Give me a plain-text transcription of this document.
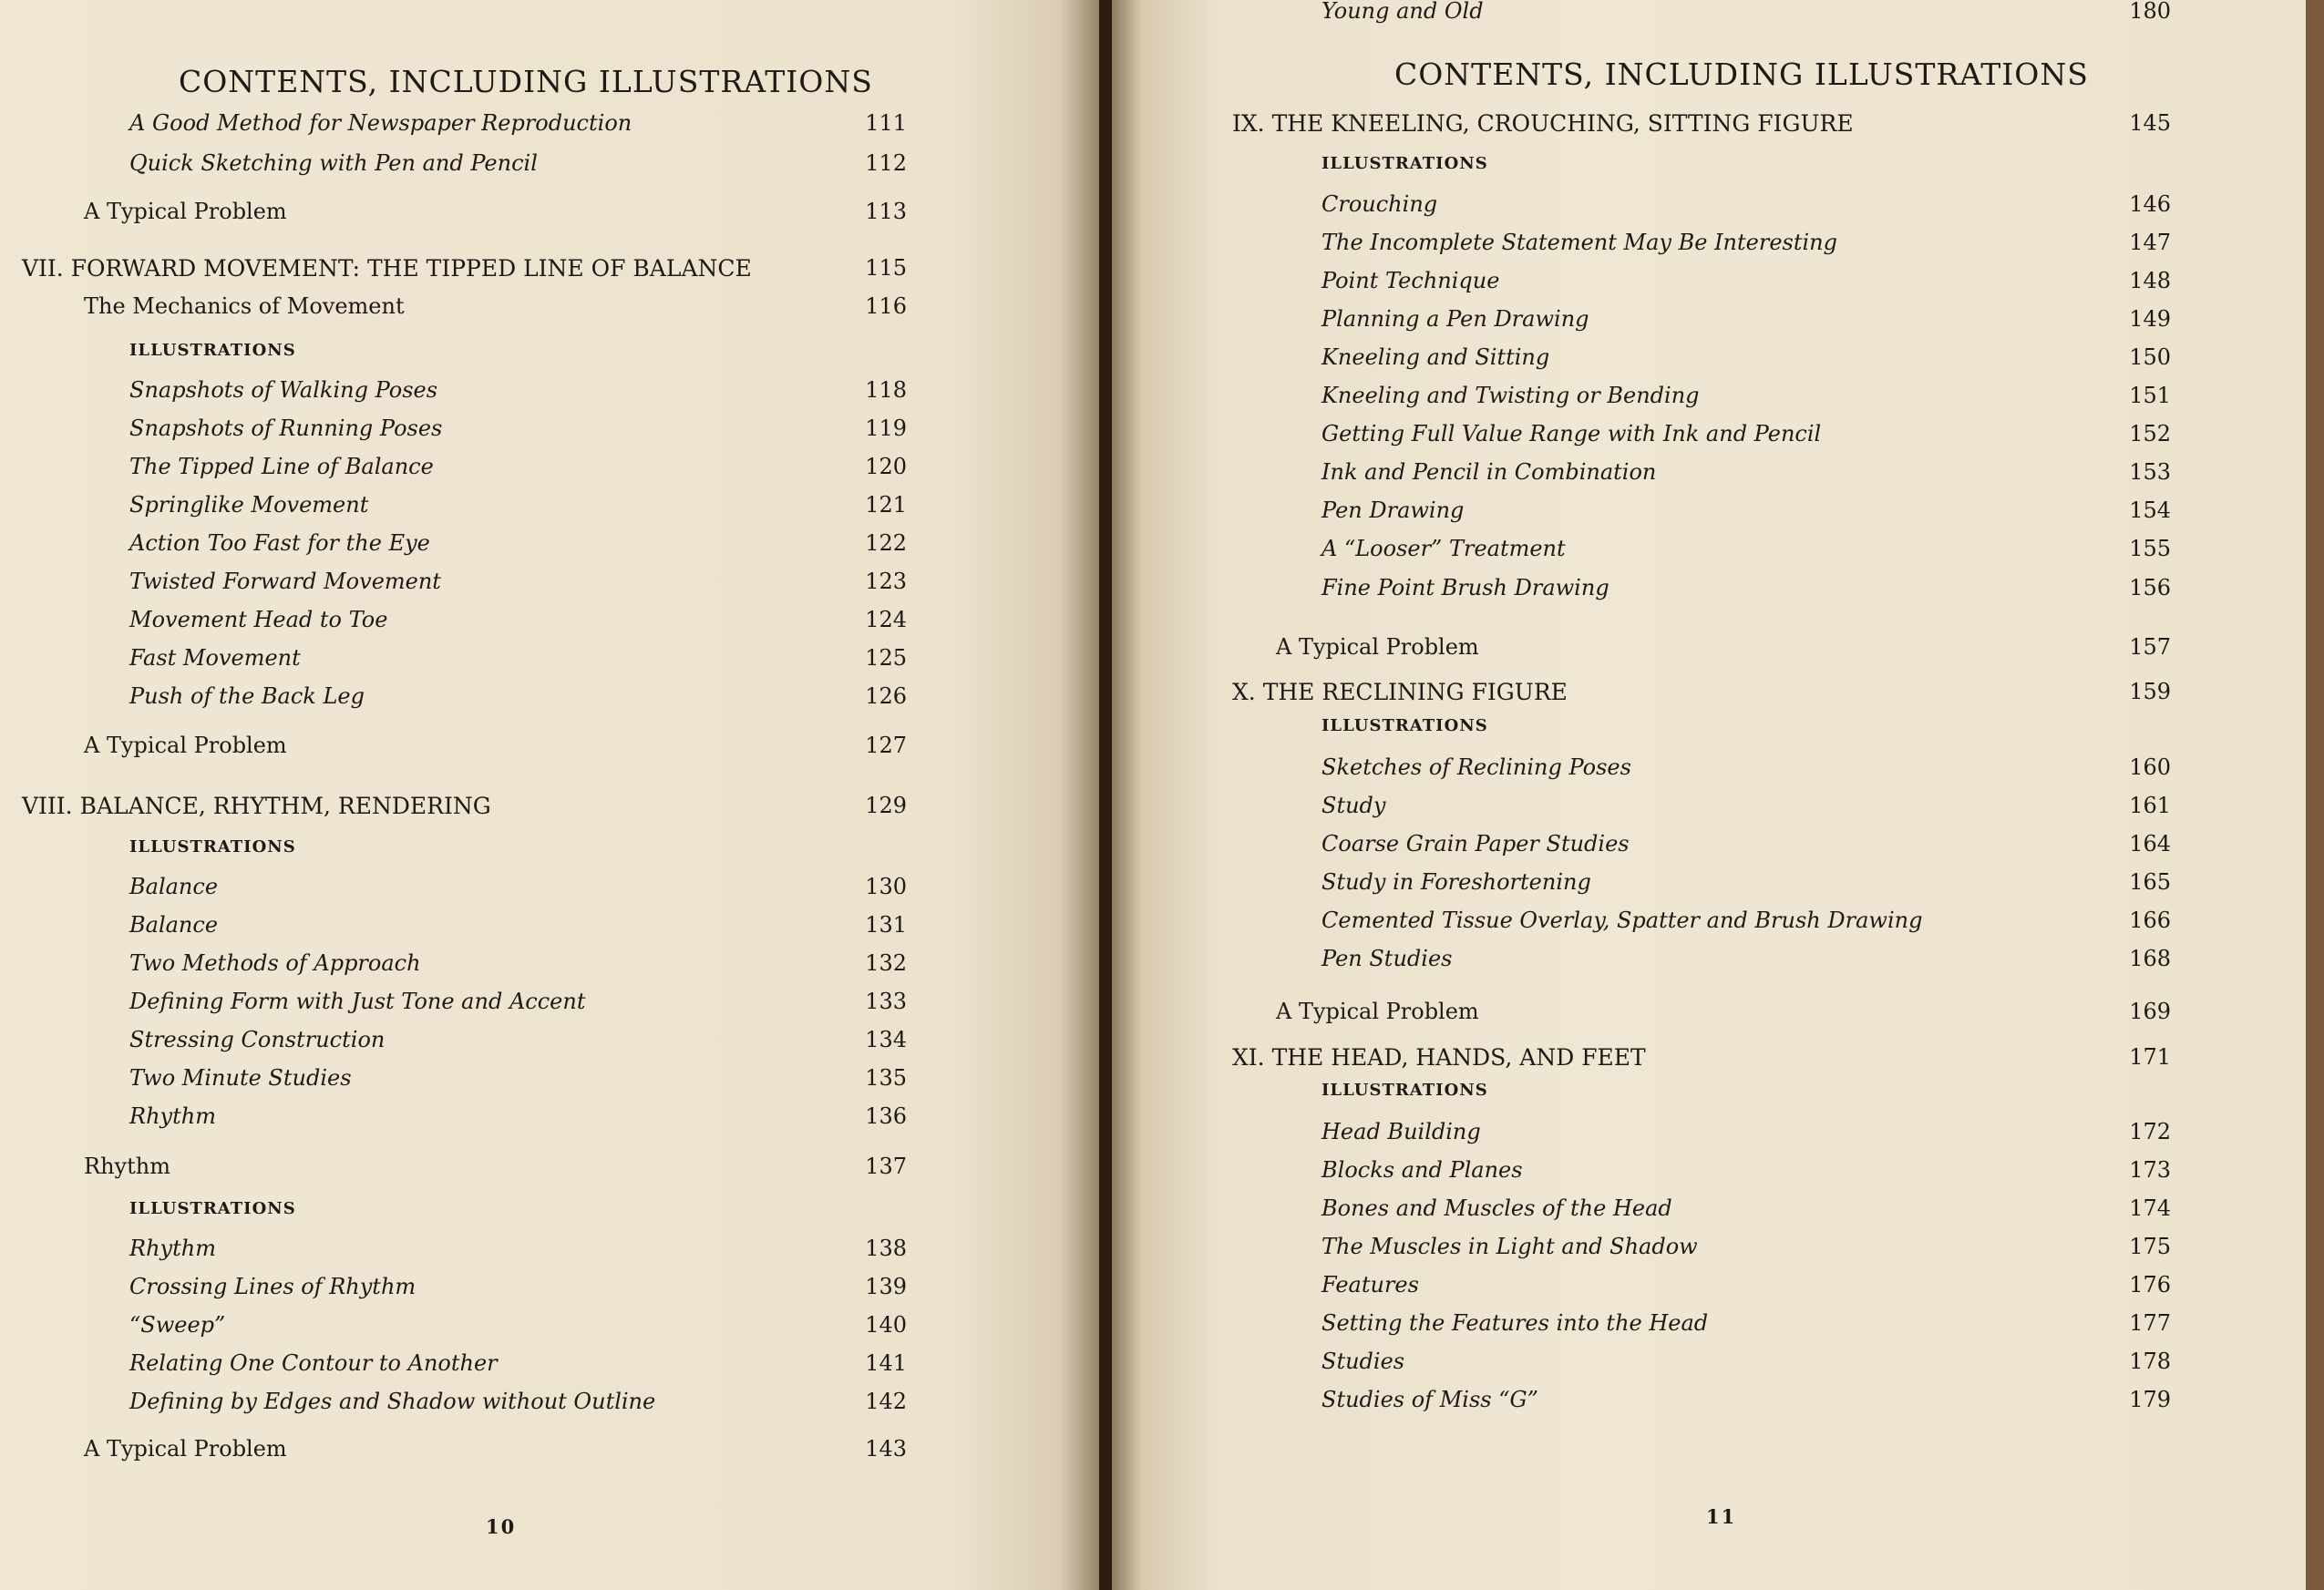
CONTENTS, INCLUDING ILLUSTRATIONS
A Good Method for Newspaper Reproduction	111
Quick Sketching with Pen and Pencil	112
A Typical Problem	113
VII. FORWARD MOVEMENT: THE TIPPED LINE OF BALANCE	115
The Mechanics of Movement	116
ILLUSTRATIONS
Snapshots of Walking Poses	118
Snapshots of Running Poses	119
The Tipped Line of Balance	120
Springlike Movement	121
Action Too Fast for the Eye	122
Twisted Forward Movement	123
Movement Head to Toe	124
Fast Movement	125
Push of the Back Leg	126
A Typical Problem	127
VIII. BALANCE, RHYTHM, RENDERING	129
ILLUSTRATIONS
Balance	130
Balance	131
Two Methods of Approach	132
Defining Form with Just Tone and Accent	133
Stressing Construction	134
Two Minute Studies	135
Rhythm	136
Rhythm	137
ILLUSTRATIONS
Rhythm	138
Crossing Lines of Rhythm	139
“Sweep”	140
Relating One Contour to Another	141
Defining by Edges and Shadow without Outline	142
A Typical Problem	143
10
CONTENTS, INCLUDING ILLUSTRATIONS
IX. THE KNEELING, CROUCHING, SITTING FIGURE	145
ILLUSTRATIONS
Crouching	146
The Incomplete Statement May Be Interesting	147
Point Technique	148
Planning a Pen Drawing	149
Kneeling and Sitting	150
Kneeling and Twisting or Bending	151
Getting Full Value Range with Ink and Pencil	152
Ink and Pencil in Combination	153
Pen Drawing	154
A “Looser” Treatment	155
Fine Point Brush Drawing	156
A Typical Problem	157
X. THE RECLINING FIGURE	159
ILLUSTRATIONS
Sketches of Reclining Poses	160
Study	161
Coarse Grain Paper Studies	164
Study in Foreshortening	165
Cemented Tissue Overlay, Spatter and Brush Drawing	166
Pen Studies	168
A Typical Problem	169
XI. THE HEAD, HANDS, AND FEET	171
ILLUSTRATIONS
Head Building	172
Blocks and Planes	173
Bones and Muscles of the Head	174
The Muscles in Light and Shadow	175
Features	176
Setting the Features into the Head	177
Studies	178
Studies of Miss “G”	179
Young and Old	180
11
